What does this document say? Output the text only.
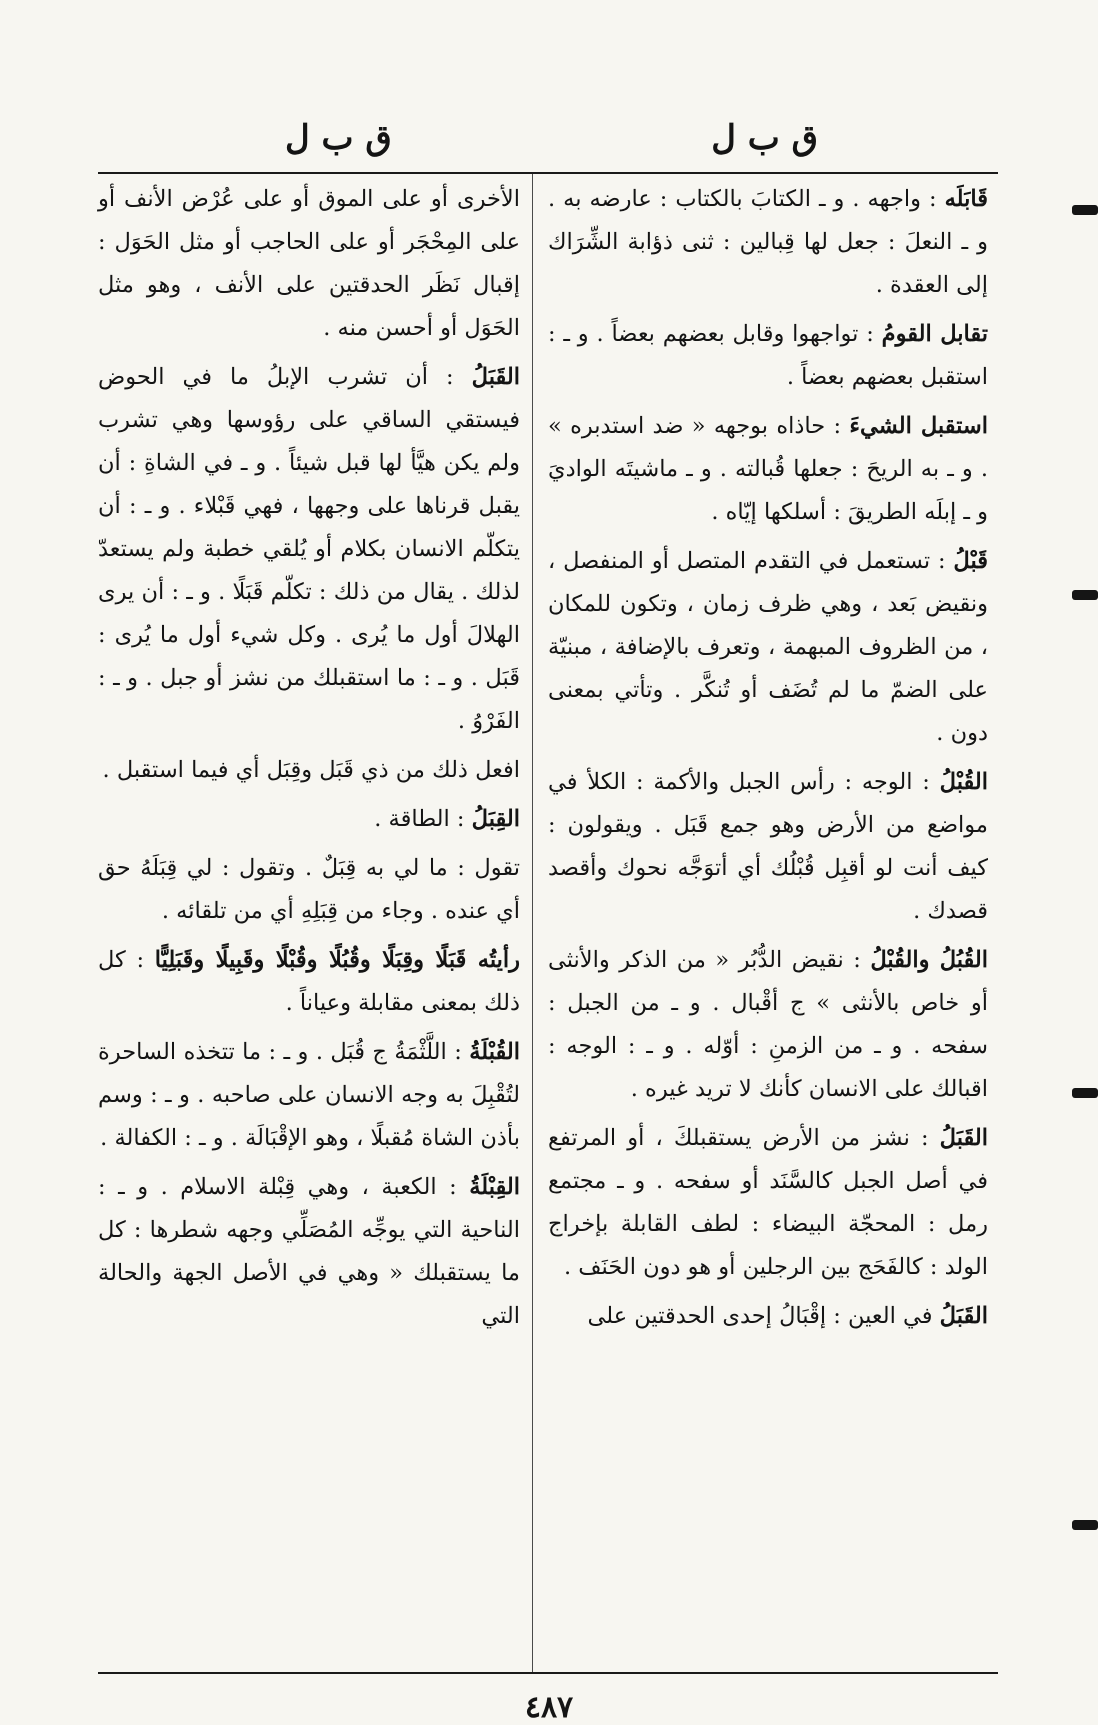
ق ب ل
ق ب ل

قَابَلَه : واجهه . و ـ الكتابَ بالكتاب : عارضه به . و ـ النعلَ : جعل لها قِبالين : ثنى ذؤابة الشِّرَاك إلى العقدة .

تقابل القومُ : تواجهوا وقابل بعضهم بعضاً . و ـ : استقبل بعضهم بعضاً .

استقبل الشيءَ : حاذاه بوجهه « ضد استدبره » . و ـ به الريحَ : جعلها قُبالته . و ـ ماشيتَه الواديَ و ـ إبلَه الطريقَ : أسلكها إيّاه .

قَبْلُ : تستعمل في التقدم المتصل أو المنفصل ، ونقيض بَعد ، وهي ظرف زمان ، وتكون للمكان ، من الظروف المبهمة ، وتعرف بالإضافة ، مبنيّة على الضمّ ما لم تُضَف أو تُنكَّر . وتأتي بمعنى دون .

القُبْلُ : الوجه : رأس الجبل والأكمة : الكلأ في مواضع من الأرض وهو جمع قَبَل . ويقولون : كيف أنت لو أقبِل قُبْلُك أي أتوَجَّه نحوك وأقصد قصدك .

القُبُلُ والقُبْلُ : نقيض الدُّبُر « من الذكر والأنثى أو خاص بالأنثى » ج أقْبال . و ـ من الجبل : سفحه . و ـ من الزمنِ : أوّله . و ـ : الوجه : اقبالك على الانسان كأنك لا تريد غيره .

القَبَلُ : نشز من الأرض يستقبلكَ ، أو المرتفع في أصل الجبل كالسَّنَد أو سفحه . و ـ مجتمع رمل : المحجّة البيضاء : لطف القابلة بإخراج الولد : كالفَحَج بين الرجلين أو هو دون الحَنَف .

القَبَلُ في العين : إقْبَالُ إحدى الحدقتين على

الأخرى أو على الموق أو على عُرْض الأنف أو على المِحْجَر أو على الحاجب أو مثل الحَوَل : إقبال نَظَر الحدقتين على الأنف ، وهو مثل الحَوَل أو أحسن منه .

القَبَلُ : أن تشرب الإبلُ ما في الحوض فيستقي الساقي على رؤوسها وهي تشرب ولم يكن هيَّأ لها قبل شيئاً . و ـ في الشاةِ : أن يقبل قرناها على وجهها ، فهي قَبْلاء . و ـ : أن يتكلّم الانسان بكلام أو يُلقي خطبة ولم يستعدّ لذلك . يقال من ذلك : تكلّم قَبَلًا . و ـ : أن يرى الهلالَ أول ما يُرى . وكل شيء أول ما يُرى : قَبَل . و ـ : ما استقبلك من نشز أو جبل . و ـ : الفَرْوُ .

افعل ذلك من ذي قَبَل وقِبَل أي فيما استقبل .

القِبَلُ : الطاقة .

تقول : ما لي به قِبَلٌ . وتقول : لي قِبَلَهُ حق أي عنده . وجاء من قِبَلِهِ أي من تلقائه .

رأيتُه قَبَلًا وقِبَلًا وقُبُلًا وقُبْلًا وقَبِيلًا وقَبَلِيًّا : كل ذلك بمعنى مقابلة وعياناً .

القُبْلَةُ : اللَّثْمَةُ ج قُبَل . و ـ : ما تتخذه الساحرة لتُقْبِلَ به وجه الانسان على صاحبه . و ـ : وسم بأذن الشاة مُقبلًا ، وهو الإقْبَالَة . و ـ : الكفالة .

القِبْلَةُ : الكعبة ، وهي قِبْلة الاسلام . و ـ : الناحية التي يوجِّه المُصَلِّي وجهه شطرها : كل ما يستقبلك « وهي في الأصل الجهة والحالة التي

٤٨٧
